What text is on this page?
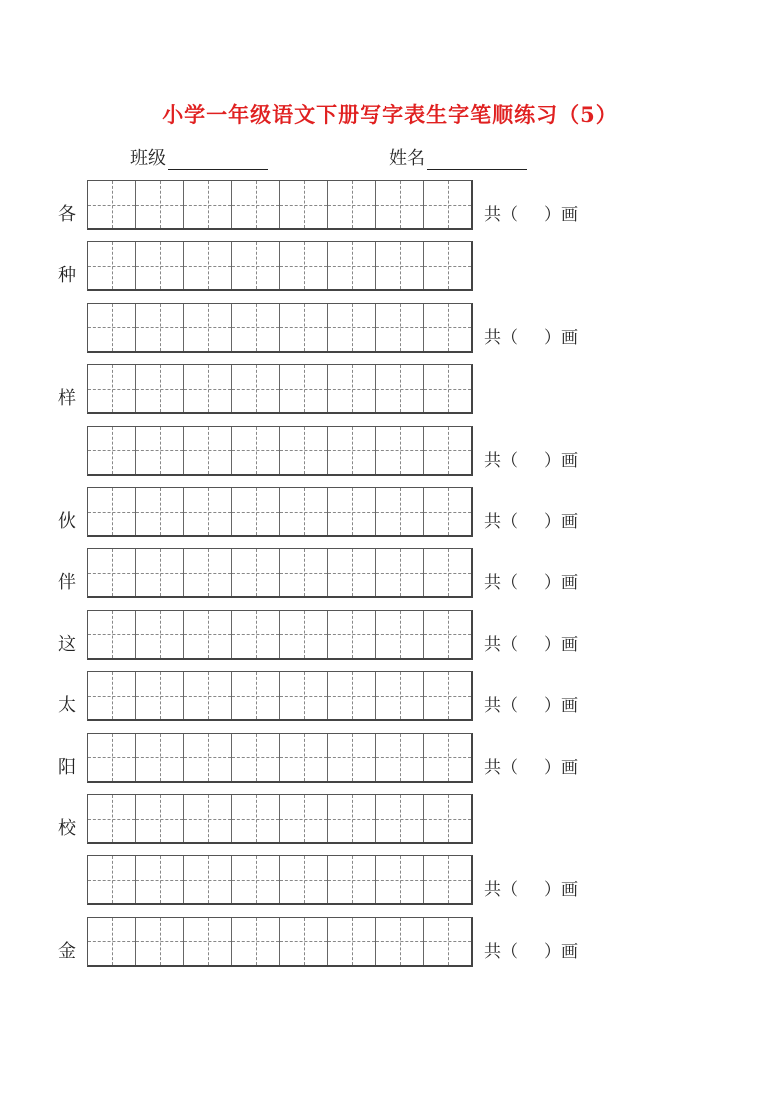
小学一年级语文下册写字表生字笔顺练习（5）
班级	姓名
各	共（ ）画
种
共（ ）画
样
共（ ）画
伙	共（ ）画
伴	共（ ）画
这	共（ ）画
太	共（ ）画
阳	共（ ）画
校
共（ ）画
金	共（ ）画
